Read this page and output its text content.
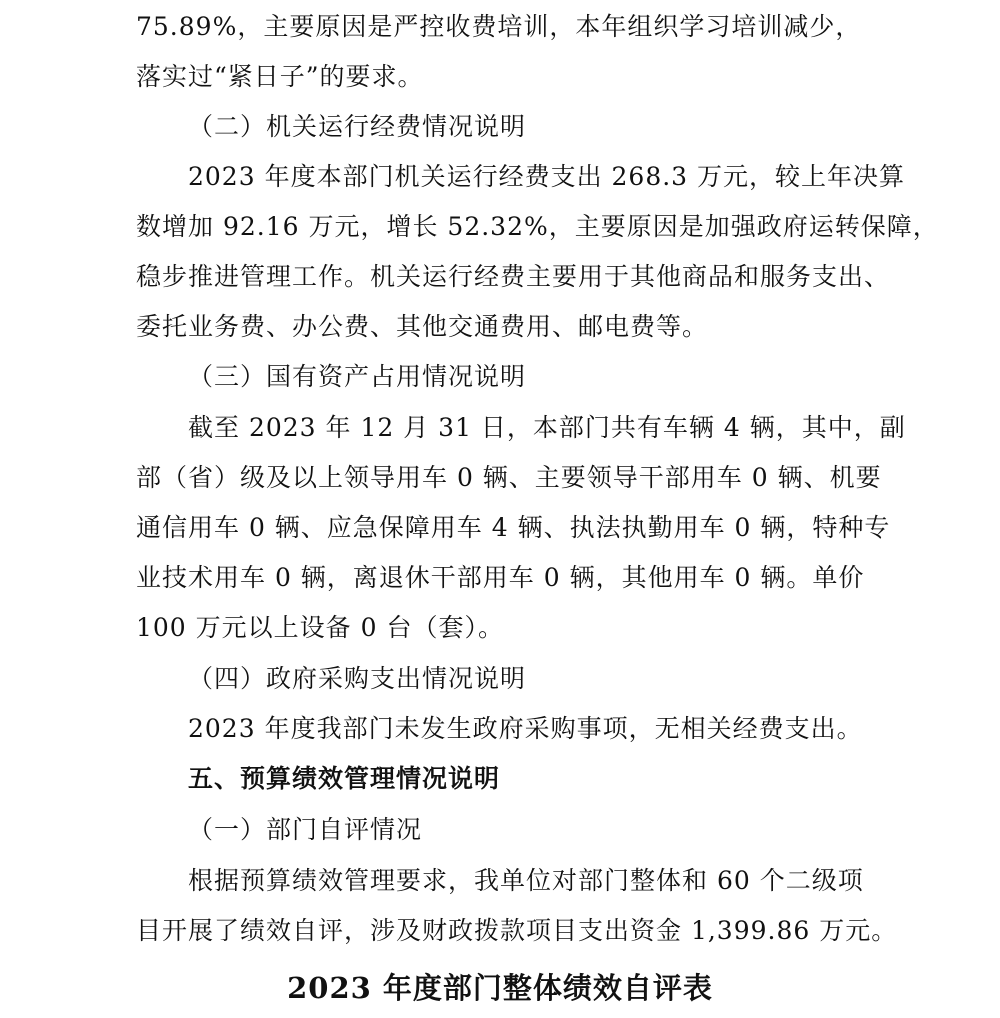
75.89%，主要原因是严控收费培训，本年组织学习培训减少，
落实过“紧日子”的要求。
（二）机关运行经费情况说明
2023 年度本部门机关运行经费支出 268.3 万元，较上年决算
数增加 92.16 万元，增长 52.32%，主要原因是加强政府运转保障，
稳步推进管理工作。机关运行经费主要用于其他商品和服务支出、
委托业务费、办公费、其他交通费用、邮电费等。
（三）国有资产占用情况说明
截至 2023 年 12 月 31 日，本部门共有车辆 4 辆，其中，副
部（省）级及以上领导用车 0 辆、主要领导干部用车 0 辆、机要
通信用车 0 辆、应急保障用车 4 辆、执法执勤用车 0 辆，特种专
业技术用车 0 辆，离退休干部用车 0 辆，其他用车 0 辆。单价
100 万元以上设备 0 台（套）。
（四）政府采购支出情况说明
2023 年度我部门未发生政府采购事项，无相关经费支出。
五、预算绩效管理情况说明
（一）部门自评情况
根据预算绩效管理要求，我单位对部门整体和 60 个二级项
目开展了绩效自评，涉及财政拨款项目支出资金 1,399.86 万元。
2023 年度部门整体绩效自评表
